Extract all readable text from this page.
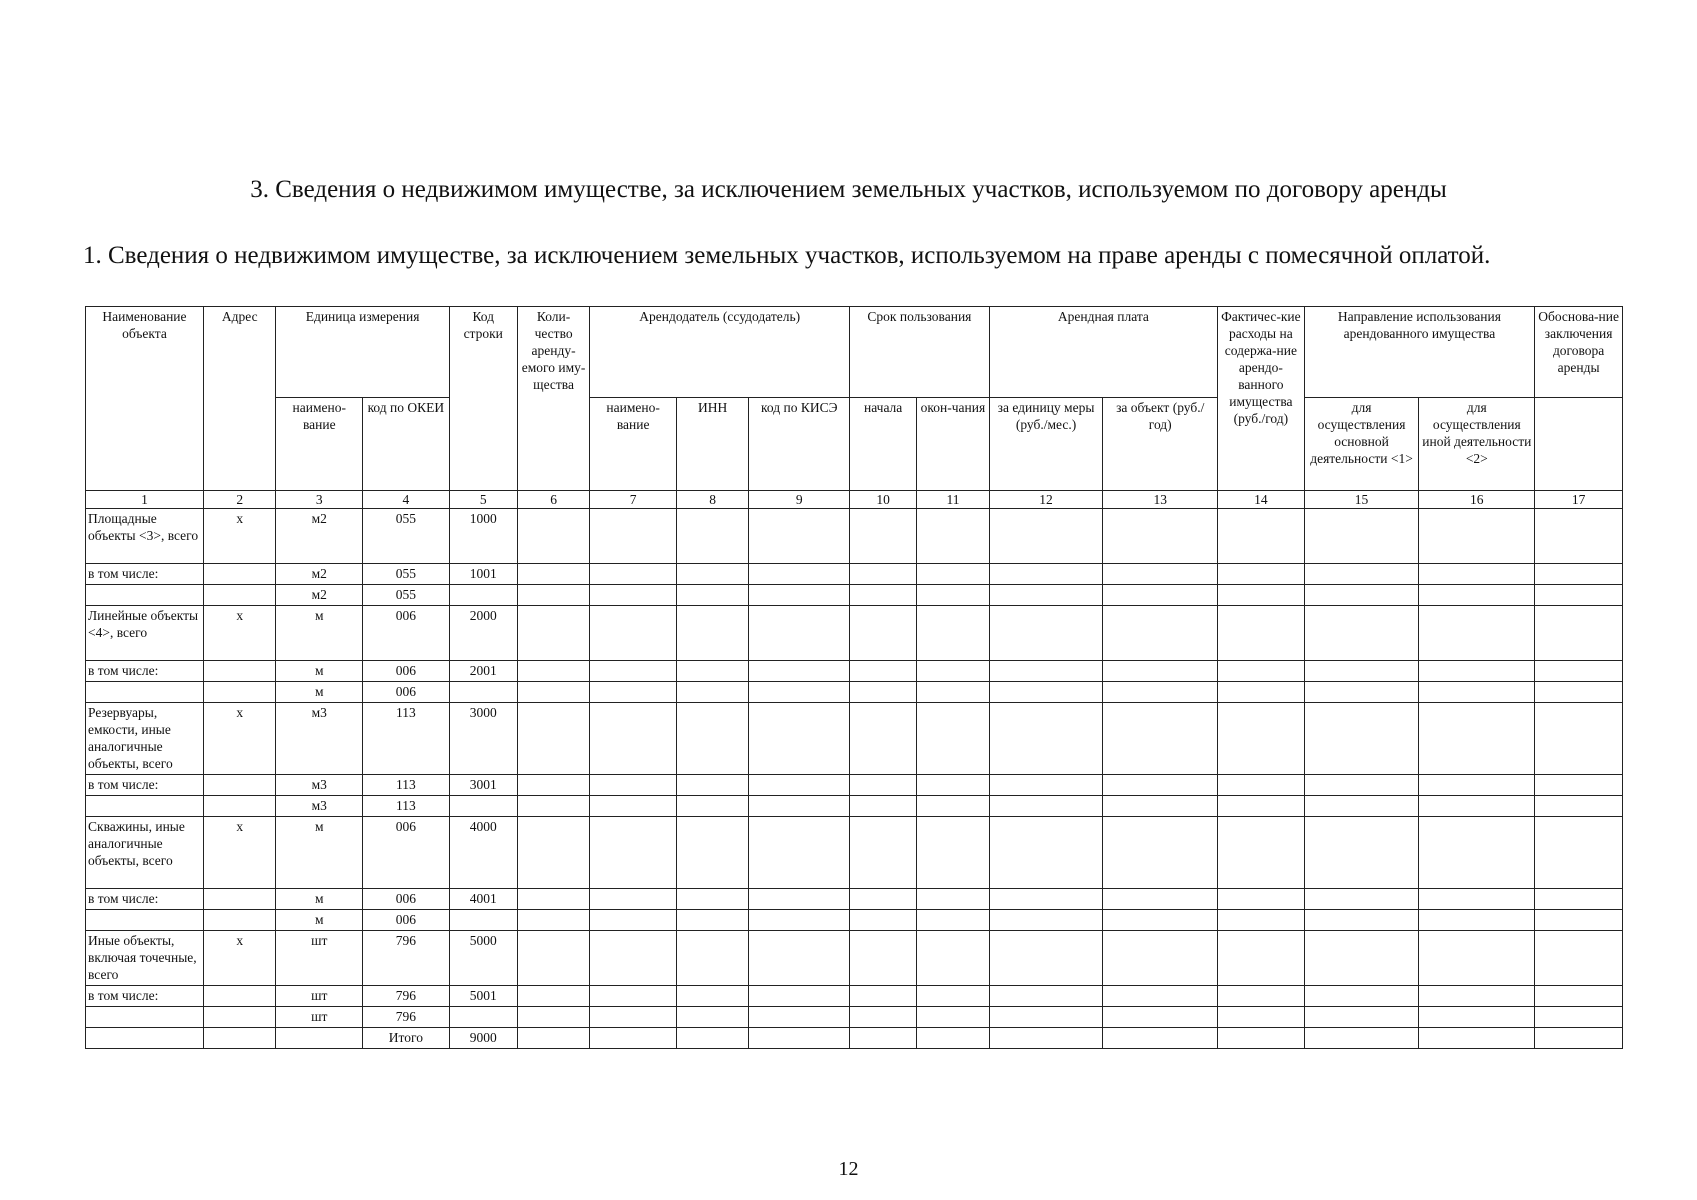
3. Сведения о недвижимом имуществе, за исключением земельных участков, используемом по договору аренды

1. Сведения о недвижимом имуществе, за исключением земельных участков, используемом на праве аренды с помесячной оплатой.

Наименование объекта	Адрес	Единица измерения		Код строки	Коли-чество аренду-емого иму-щества	Арендодатель (ссудодатель)			Срок пользования		Арендная плата		Фактичес-кие расходы на содержа-ние арендо-ванного имущества (руб./год)	Направление использования арендованного имущества		Обоснова-ние заключения договора аренды
		наимено-вание	код по ОКЕИ			наимено-вание	ИНН	код по КИСЭ	начала	окон-чания	за единицу меры (руб./мес.)	за объект (руб./год)		для осуществления основной деятельности <1>	для осуществления иной деятельности <2>	
1	2	3	4	5	6	7	8	9	10	11	12	13	14	15	16	17
Площадные объекты <3>, всего	x	м2	055	1000												
в том числе:		м2	055	1001												
		м2	055													
Линейные объекты <4>, всего	x	м	006	2000												
в том числе:		м	006	2001												
		м	006													
Резервуары, емкости, иные аналогичные объекты, всего	x	м3	113	3000												
в том числе:		м3	113	3001												
		м3	113													
Скважины, иные аналогичные объекты, всего	x	м	006	4000												
в том числе:		м	006	4001												
		м	006													
Иные объекты, включая точечные, всего	x	шт	796	5000												
в том числе:		шт	796	5001												
		шт	796													
			Итого	9000												
12
